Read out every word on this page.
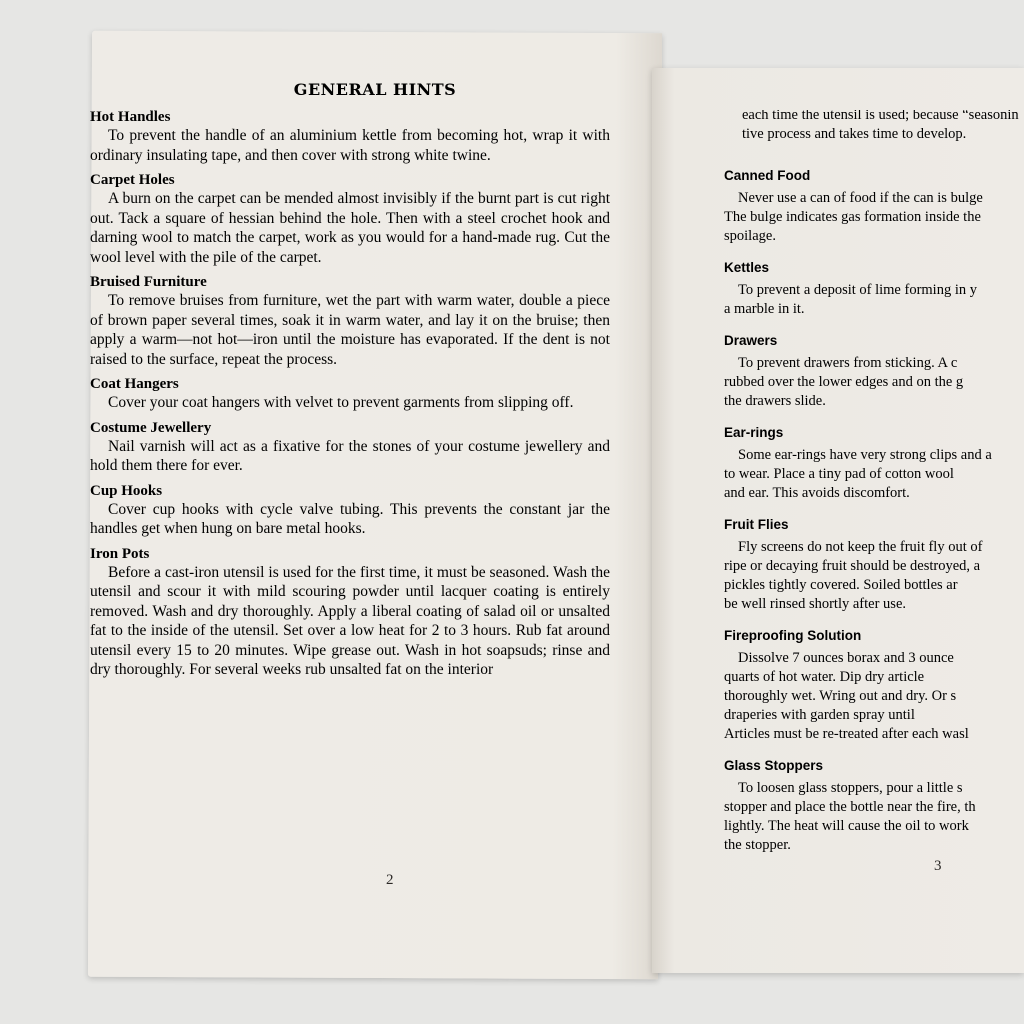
GENERAL HINTS
Hot Handles
To prevent the handle of an aluminium kettle from becoming hot, wrap it with ordinary insulating tape, and then cover with strong white twine.
Carpet Holes
A burn on the carpet can be mended almost invisibly if the burnt part is cut right out. Tack a square of hessian behind the hole. Then with a steel crochet hook and darning wool to match the carpet, work as you would for a hand-made rug. Cut the wool level with the pile of the carpet.
Bruised Furniture
To remove bruises from furniture, wet the part with warm water, double a piece of brown paper several times, soak it in warm water, and lay it on the bruise; then apply a warm—not hot—iron until the moisture has evaporated. If the dent is not raised to the surface, repeat the process.
Coat Hangers
Cover your coat hangers with velvet to prevent garments from slipping off.
Costume Jewellery
Nail varnish will act as a fixative for the stones of your costume jewellery and hold them there for ever.
Cup Hooks
Cover cup hooks with cycle valve tubing. This prevents the constant jar the handles get when hung on bare metal hooks.
Iron Pots
Before a cast-iron utensil is used for the first time, it must be seasoned. Wash the utensil and scour it with mild scouring powder until lacquer coating is entirely removed. Wash and dry thoroughly. Apply a liberal coating of salad oil or unsalted fat to the inside of the utensil. Set over a low heat for 2 to 3 hours. Rub fat around utensil every 15 to 20 minutes. Wipe grease out. Wash in hot soapsuds; rinse and dry thoroughly. For several weeks rub unsalted fat on the interior
2
each time the utensil is used; because “seasonin
tive process and takes time to develop.
Canned Food
Never use a can of food if the can is bulge
The bulge indicates gas formation inside the
spoilage.
Kettles
To prevent a deposit of lime forming in y
a marble in it.
Drawers
To prevent drawers from sticking. A c
rubbed over the lower edges and on the g
the drawers slide.
Ear-rings
Some ear-rings have very strong clips and a
to wear. Place a tiny pad of cotton wool
and ear. This avoids discomfort.
Fruit Flies
Fly screens do not keep the fruit fly out of
ripe or decaying fruit should be destroyed, a
pickles tightly covered. Soiled bottles ar
be well rinsed shortly after use.
Fireproofing Solution
Dissolve 7 ounces borax and 3 ounce
quarts of hot water. Dip dry article
thoroughly wet. Wring out and dry. Or s
draperies with garden spray until
Articles must be re-treated after each wasl
Glass Stoppers
To loosen glass stoppers, pour a little s
stopper and place the bottle near the fire, th
lightly. The heat will cause the oil to work
the stopper.
3
